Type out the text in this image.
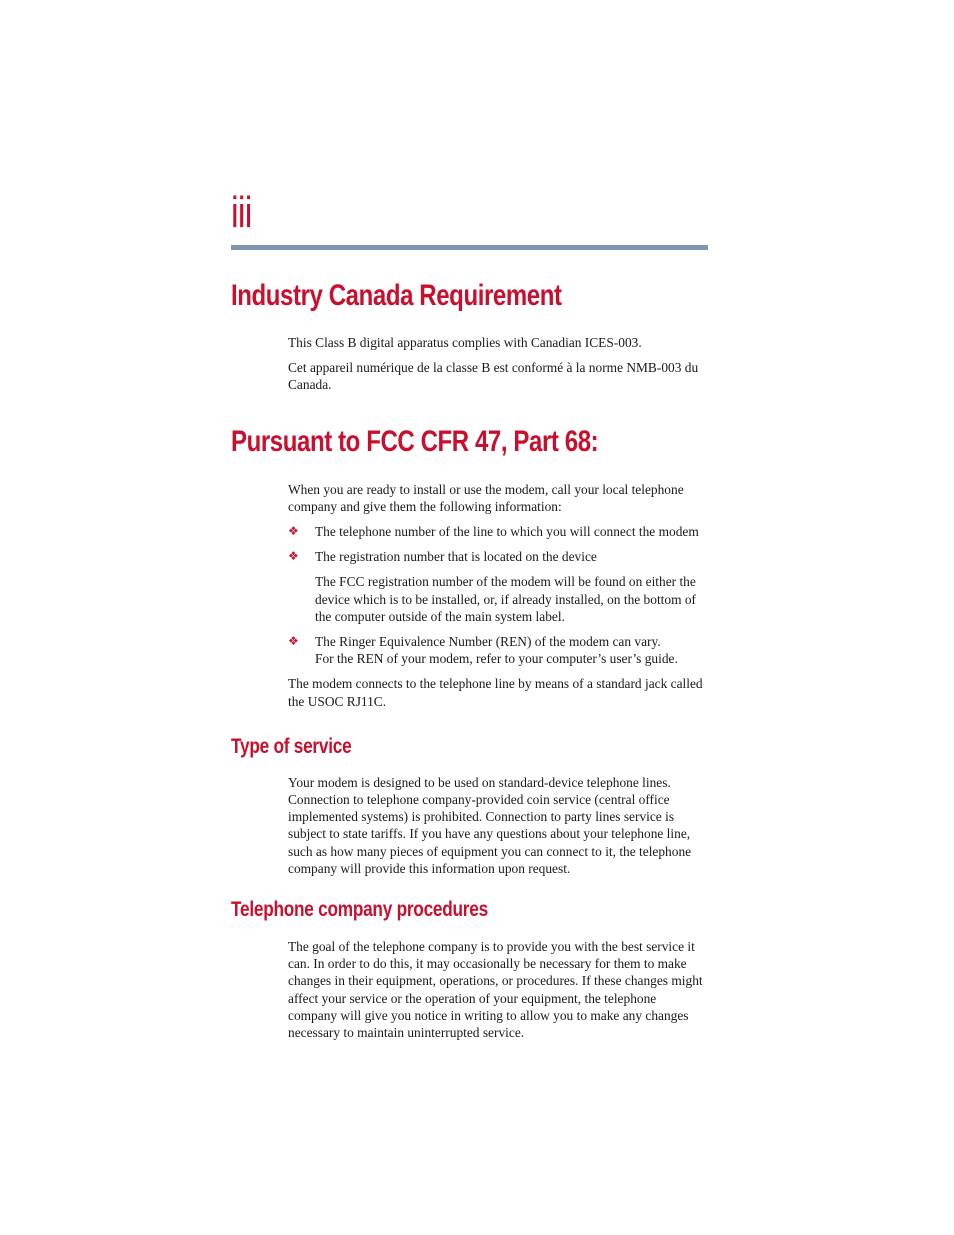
iii
Industry Canada Requirement

This Class B digital apparatus complies with Canadian ICES-003.

Cet appareil numérique de la classe B est conformé à la norme NMB-003 du Canada.

Pursuant to FCC CFR 47, Part 68:

When you are ready to install or use the modem, call your local telephone company and give them the following information:

❖ The telephone number of the line to which you will connect the modem
❖ The registration number that is located on the device

The FCC registration number of the modem will be found on either the device which is to be installed, or, if already installed, on the bottom of the computer outside of the main system label.

❖ The Ringer Equivalence Number (REN) of the modem can vary.
For the REN of your modem, refer to your computer’s user’s guide.

The modem connects to the telephone line by means of a standard jack called the USOC RJ11C.

Type of service

Your modem is designed to be used on standard-device telephone lines. Connection to telephone company-provided coin service (central office implemented systems) is prohibited. Connection to party lines service is subject to state tariffs. If you have any questions about your telephone line, such as how many pieces of equipment you can connect to it, the telephone company will provide this information upon request.

Telephone company procedures

The goal of the telephone company is to provide you with the best service it can. In order to do this, it may occasionally be necessary for them to make changes in their equipment, operations, or procedures. If these changes might affect your service or the operation of your equipment, the telephone company will give you notice in writing to allow you to make any changes necessary to maintain uninterrupted service.
